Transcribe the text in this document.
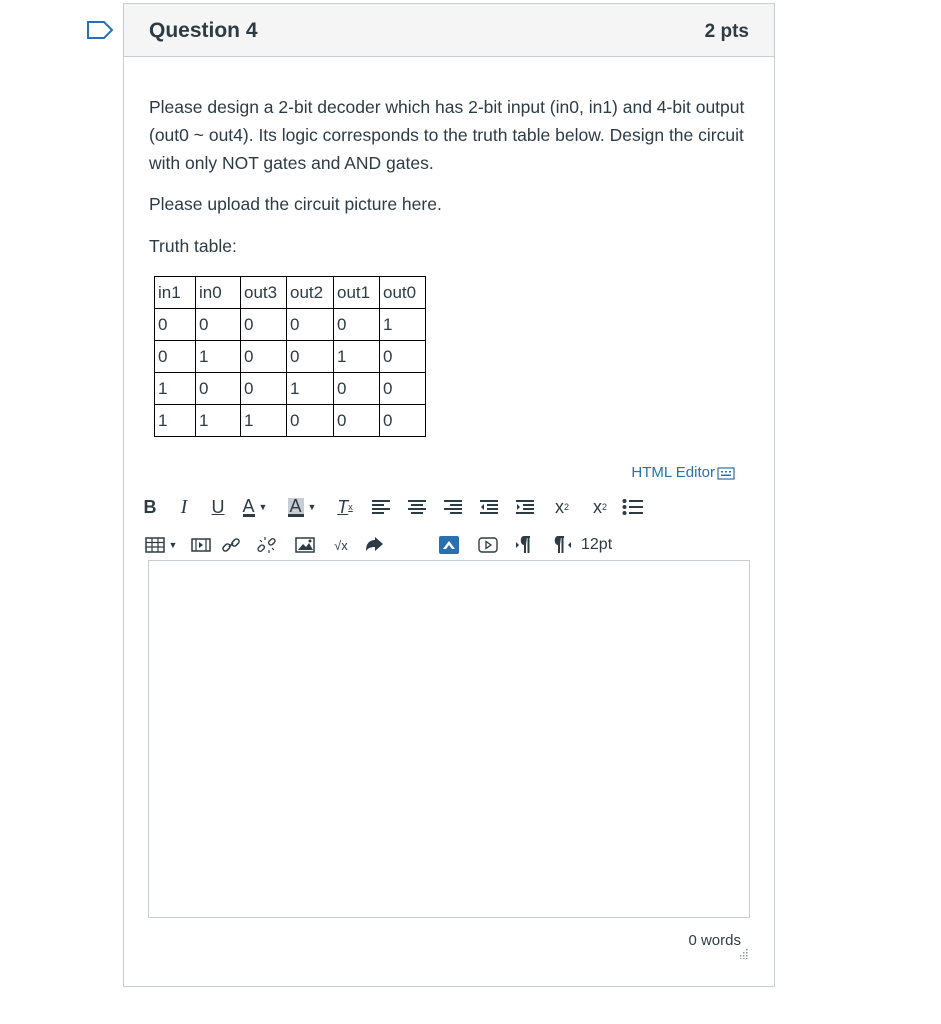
Question 4	2 pts

Please design a 2-bit decoder which has 2-bit input (in0, in1) and 4-bit output (out0 ~ out4). Its logic corresponds to the truth table below. Design the circuit with only NOT gates and AND gates.

Please upload the circuit picture here.

Truth table:

in1	in0	out3	out2	out1	out0
0	0	0	0	0	1
0	1	0	0	1	0
1	0	0	1	0	0
1	1	1	0	0	0
HTML Editor
B	I	U	A ▼ A ▼	T x	x 2	x 2
▼	√x	12pt
0 words
